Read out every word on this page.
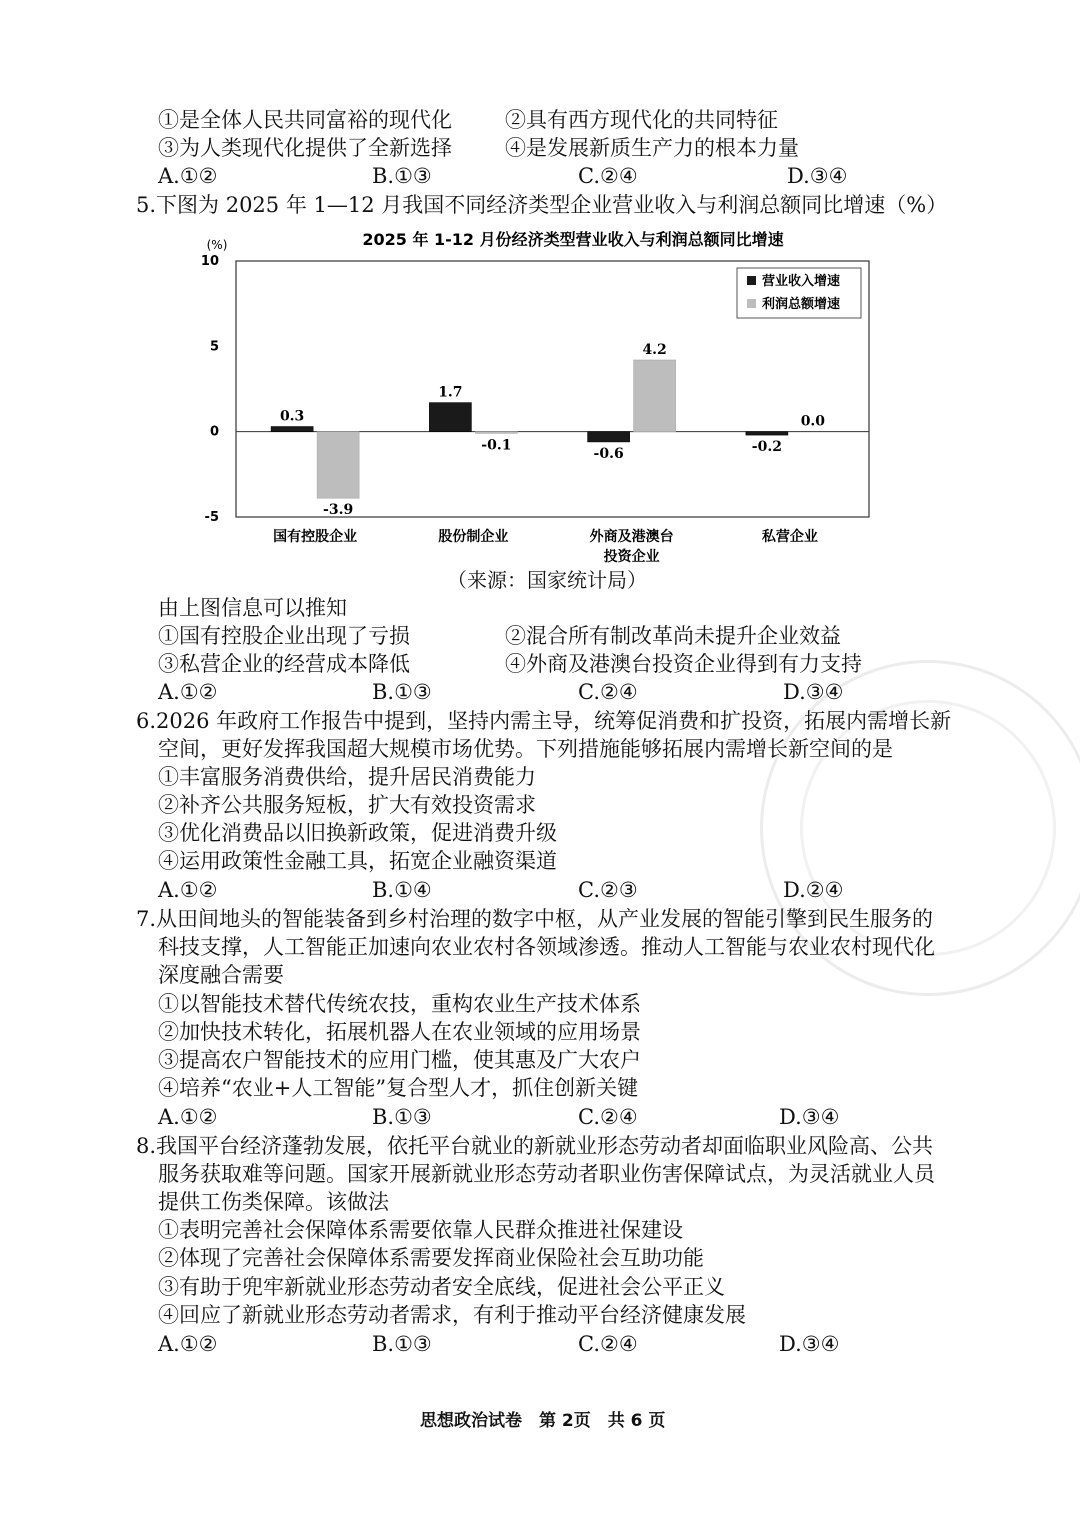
①是全体人民共同富裕的现代化	②具有西方现代化的共同特征
③为人类现代化提供了全新选择	④是发展新质生产力的根本力量
A.①②	B.①③	C.②④	D.③④
5.下图为 2025 年 1—12 月我国不同经济类型企业营业收入与利润总额同比增速（%）
2025 年 1-12 月份经济类型营业收入与利润总额同比增速
(%)
10
5
0
-5
0.3
-3.9
1.7
-0.1
-0.6
4.2
-0.2
0.0
国有控股企业	股份制企业	外商及港澳台
投资企业
私营企业
营业收入增速
利润总额增速
（来源：国家统计局）
由上图信息可以推知
①国有控股企业出现了亏损	②混合所有制改革尚未提升企业效益
③私营企业的经营成本降低	④外商及港澳台投资企业得到有力支持
A.①②	B.①③	C.②④	D.③④
6.2026 年政府工作报告中提到，坚持内需主导，统筹促消费和扩投资，拓展内需增长新
空间，更好发挥我国超大规模市场优势。下列措施能够拓展内需增长新空间的是
①丰富服务消费供给，提升居民消费能力
②补齐公共服务短板，扩大有效投资需求
③优化消费品以旧换新政策，促进消费升级
④运用政策性金融工具，拓宽企业融资渠道
A.①②	B.①④	C.②③	D.②④
7.从田间地头的智能装备到乡村治理的数字中枢，从产业发展的智能引擎到民生服务的
科技支撑，人工智能正加速向农业农村各领域渗透。推动人工智能与农业农村现代化
深度融合需要
①以智能技术替代传统农技，重构农业生产技术体系
②加快技术转化，拓展机器人在农业领域的应用场景
③提高农户智能技术的应用门槛，使其惠及广大农户
④培养“农业+人工智能”复合型人才，抓住创新关键
A.①②	B.①③	C.②④	D.③④
8.我国平台经济蓬勃发展，依托平台就业的新就业形态劳动者却面临职业风险高、公共
服务获取难等问题。国家开展新就业形态劳动者职业伤害保障试点，为灵活就业人员
提供工伤类保障。该做法
①表明完善社会保障体系需要依靠人民群众推进社保建设
②体现了完善社会保障体系需要发挥商业保险社会互助功能
③有助于兜牢新就业形态劳动者安全底线，促进社会公平正义
④回应了新就业形态劳动者需求，有利于推动平台经济健康发展
A.①②	B.①③	C.②④	D.③④
思想政治试卷　第 2页　共 6 页
